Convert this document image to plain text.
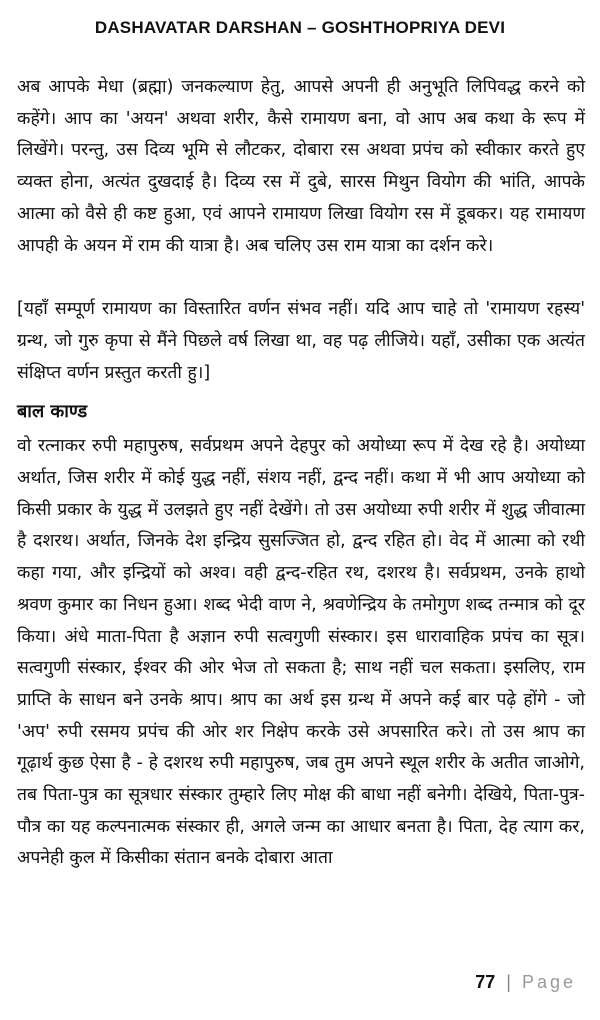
DASHAVATAR DARSHAN – GOSHTHOPRIYA DEVI

अब आपके मेधा (ब्रह्मा) जनकल्याण हेतु, आपसे अपनी ही अनुभूति लिपिवद्ध करने को कहेंगे। आप का 'अयन' अथवा शरीर, कैसे रामायण बना, वो आप अब कथा के रूप में लिखेंगे। परन्तु, उस दिव्य भूमि से लौटकर, दोबारा रस अथवा प्रपंच को स्वीकार करते हुए व्यक्त होना, अत्यंत दुखदाई है। दिव्य रस में दुबे, सारस मिथुन वियोग की भांति, आपके आत्मा को वैसे ही कष्ट हुआ, एवं आपने रामायण लिखा वियोग रस में डूबकर। यह रामायण आपही के अयन में राम की यात्रा है। अब चलिए उस राम यात्रा का दर्शन करे।

[यहाँ सम्पूर्ण रामायण का विस्तारित वर्णन संभव नहीं। यदि आप चाहे तो 'रामायण रहस्य' ग्रन्थ, जो गुरु कृपा से मैंने पिछले वर्ष लिखा था, वह पढ़ लीजिये। यहाँ, उसीका एक अत्यंत संक्षिप्त वर्णन प्रस्तुत करती हु।]

बाल काण्ड

वो रत्नाकर रुपी महापुरुष, सर्वप्रथम अपने देहपुर को अयोध्या रूप में देख रहे है। अयोध्या अर्थात, जिस शरीर में कोई युद्ध नहीं, संशय नहीं, द्वन्द नहीं। कथा में भी आप अयोध्या को किसी प्रकार के युद्ध में उलझते हुए नहीं देखेंगे। तो उस अयोध्या रुपी शरीर में शुद्ध जीवात्मा है दशरथ। अर्थात, जिनके देश इन्द्रिय सुसज्जित हो, द्वन्द रहित हो। वेद में आत्मा को रथी कहा गया, और इन्द्रियों को अश्व। वही द्वन्द-रहित रथ, दशरथ है। सर्वप्रथम, उनके हाथो श्रवण कुमार का निधन हुआ। शब्द भेदी वाण ने, श्रवणेन्द्रिय के तमोगुण शब्द तन्मात्र को दूर किया। अंधे माता-पिता है अज्ञान रुपी सत्वगुणी संस्कार। इस धारावाहिक प्रपंच का सूत्र। सत्वगुणी संस्कार, ईश्वर की ओर भेज तो सकता है; साथ नहीं चल सकता। इसलिए, राम प्राप्ति के साधन बने उनके श्राप। श्राप का अर्थ इस ग्रन्थ में अपने कई बार पढ़े होंगे - जो 'अप' रुपी रसमय प्रपंच की ओर शर निक्षेप करके उसे अपसारित करे। तो उस श्राप का गूढ़ार्थ कुछ ऐसा है - हे दशरथ रुपी महापुरुष, जब तुम अपने स्थूल शरीर के अतीत जाओगे, तब पिता-पुत्र का सूत्रधार संस्कार तुम्हारे लिए मोक्ष की बाधा नहीं बनेगी। देखिये, पिता-पुत्र-पौत्र का यह कल्पनात्मक संस्कार ही, अगले जन्म का आधार बनता है। पिता, देह त्याग कर, अपनेही कुल में किसीका संतान बनके दोबारा आता

77 | Page
